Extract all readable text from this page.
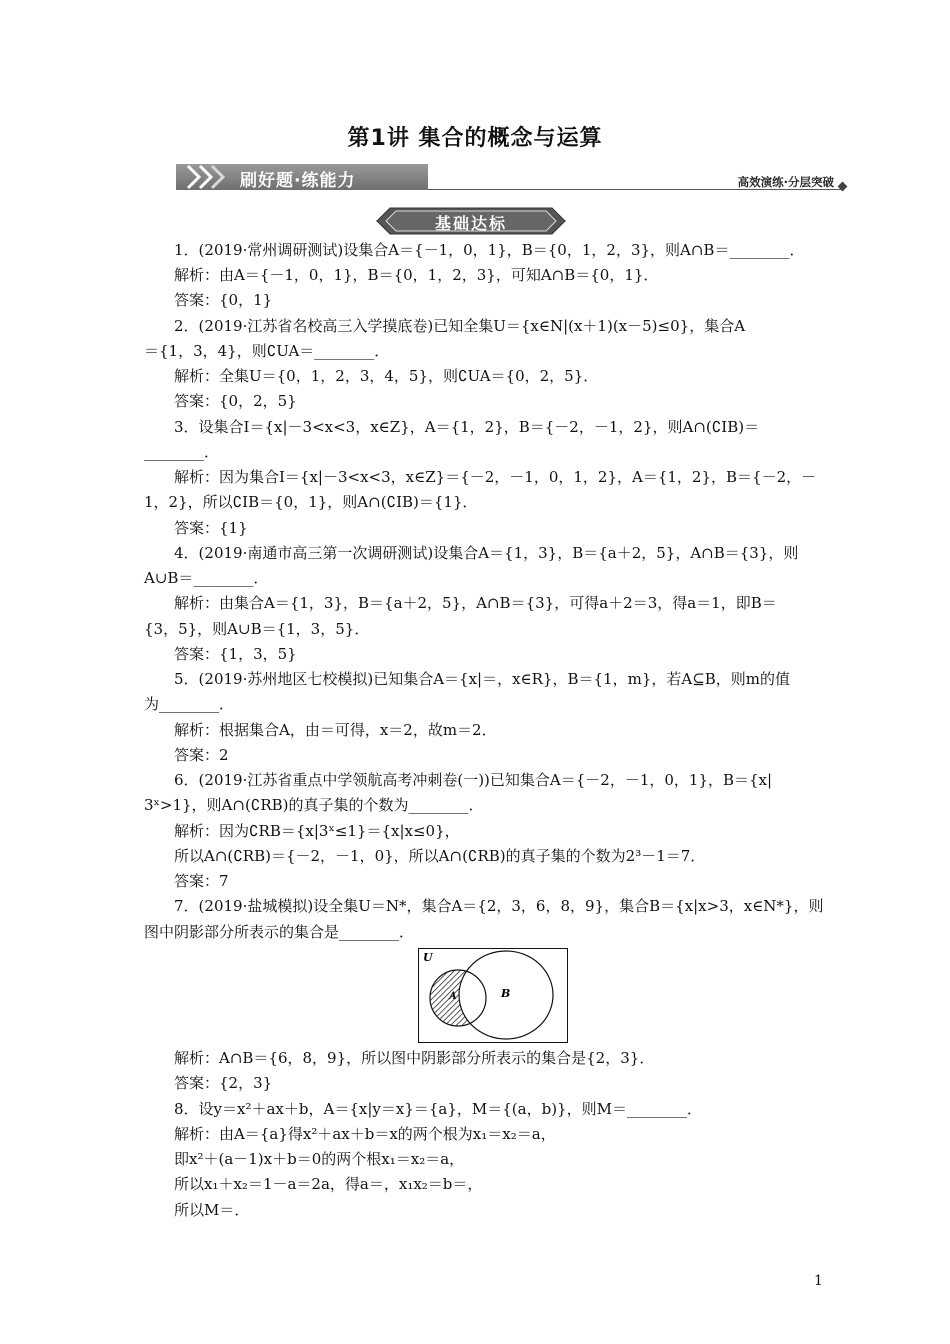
第1讲 集合的概念与运算
刷好题·练能力	高效演练·分层突破
基础达标
1．(2019·常州调研测试)设集合A＝{－1，0，1}，B＝{0，1，2，3}，则A∩B＝________．
解析：由A＝{－1，0，1}，B＝{0，1，2，3}，可知A∩B＝{0，1}．
答案：{0，1}
2．(2019·江苏省名校高三入学摸底卷)已知全集U＝{x∈N|(x＋1)(x－5)≤0}，集合A
＝{1，3，4}，则∁UA＝________．
解析：全集U＝{0，1，2，3，4，5}，则∁UA＝{0，2，5}．
答案：{0，2，5}
3．设集合I＝{x|－3<x<3，x∈Z}，A＝{1，2}，B＝{－2，－1，2}，则A∩(∁IB)＝
________．
解析：因为集合I＝{x|－3<x<3，x∈Z}＝{－2，－1，0，1，2}，A＝{1，2}，B＝{－2，－
1，2}，所以∁IB＝{0，1}，则A∩(∁IB)＝{1}．
答案：{1}
4．(2019·南通市高三第一次调研测试)设集合A＝{1，3}，B＝{a＋2，5}，A∩B＝{3}，则
A∪B＝________．
解析：由集合A＝{1，3}，B＝{a＋2，5}，A∩B＝{3}，可得a＋2＝3，得a＝1，即B＝
{3，5}，则A∪B＝{1，3，5}．
答案：{1，3，5}
5．(2019·苏州地区七校模拟)已知集合A＝{x|＝，x∈R}，B＝{1，m}，若A⊆B，则m的值
为________．
解析：根据集合A，由＝可得，x＝2，故m＝2．
答案：2
6．(2019·江苏省重点中学领航高考冲刺卷(一))已知集合A＝{－2，－1，0，1}，B＝{x|
3ˣ>1}，则A∩(∁RB)的真子集的个数为________．
解析：因为∁RB＝{x|3ˣ≤1}＝{x|x≤0}，
所以A∩(∁RB)＝{－2，－1，0}，所以A∩(∁RB)的真子集的个数为2³－1＝7．
答案：7
7．(2019·盐城模拟)设全集U＝N*，集合A＝{2，3，6，8，9}，集合B＝{x|x>3，x∈N*}，则
图中阴影部分所表示的集合是________．
解析：A∩B＝{6，8，9}，所以图中阴影部分所表示的集合是{2，3}．
答案：{2，3}
8．设y＝x²＋ax＋b，A＝{x|y＝x}＝{a}，M＝{(a，b)}，则M＝________．
解析：由A＝{a}得x²＋ax＋b＝x的两个根为x₁＝x₂＝a，
即x²＋(a－1)x＋b＝0的两个根x₁＝x₂＝a，
所以x₁＋x₂＝1－a＝2a，得a＝，x₁x₂＝b＝，
所以M＝．
U
A	B
1
